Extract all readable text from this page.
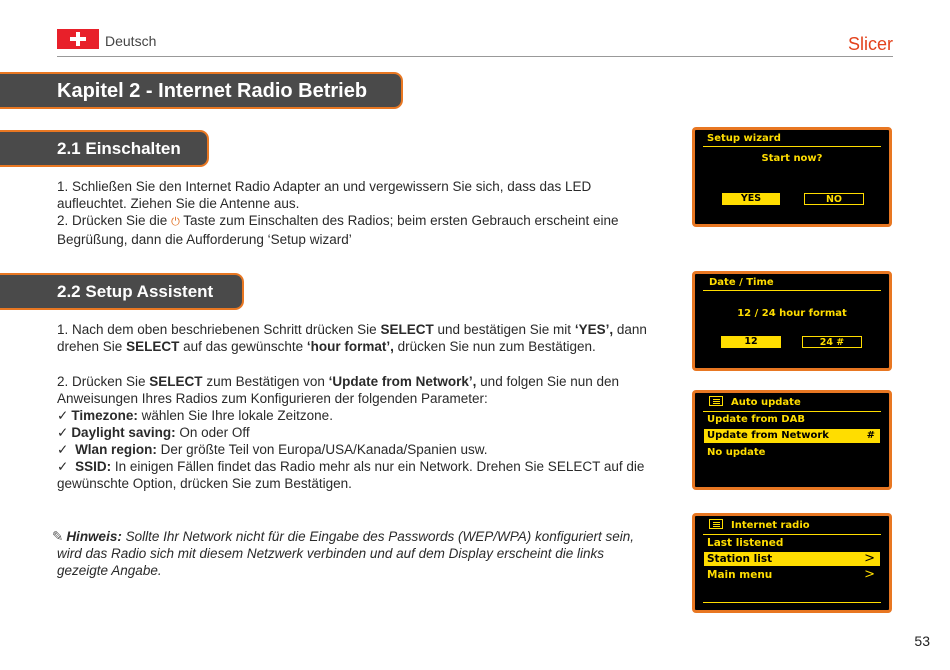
Deutsch	Slicer
Kapitel 2 - Internet Radio Betrieb
2.1 Einschalten
1. Schließen Sie den Internet Radio Adapter an und vergewissern Sie sich, dass das LED aufleuchtet. Ziehen Sie die Antenne aus.
2. Drücken Sie die ⏻ Taste zum Einschalten des Radios; beim ersten Gebrauch erscheint eine Begrüßung, dann die Aufforderung ‘Setup wizard’
2.2 Setup Assistent
1. Nach dem oben beschriebenen Schritt drücken Sie SELECT und bestätigen Sie mit ‘YES’, dann drehen Sie SELECT auf das gewünschte ‘hour format’, drücken Sie nun zum Bestätigen.
2. Drücken Sie SELECT zum Bestätigen von ‘Update from Network’, und folgen Sie nun den Anweisungen Ihres Radios zum Konfigurieren der folgenden Parameter:
✓ Timezone: wählen Sie Ihre lokale Zeitzone.
✓ Daylight saving: On oder Off
✓ Wlan region: Der größte Teil von Europa/USA/Kanada/Spanien usw.
✓ SSID: In einigen Fällen findet das Radio mehr als nur ein Network. Drehen Sie SELECT auf die gewünschte Option, drücken Sie zum Bestätigen.
✎ Hinweis: Sollte Ihr Network nicht für die Eingabe des Passwords (WEP/WPA) konfiguriert sein, wird das Radio sich mit diesem Netzwerk verbinden und auf dem Display erscheint die links gezeigte Angabe.
Setup wizard
Start now?
YES	NO
Date / Time
12 / 24 hour format
12	24 #
Auto update
Update from DAB
Update from Network	#
No update
Internet radio
Last listened
Station list	>
Main menu	>
53
